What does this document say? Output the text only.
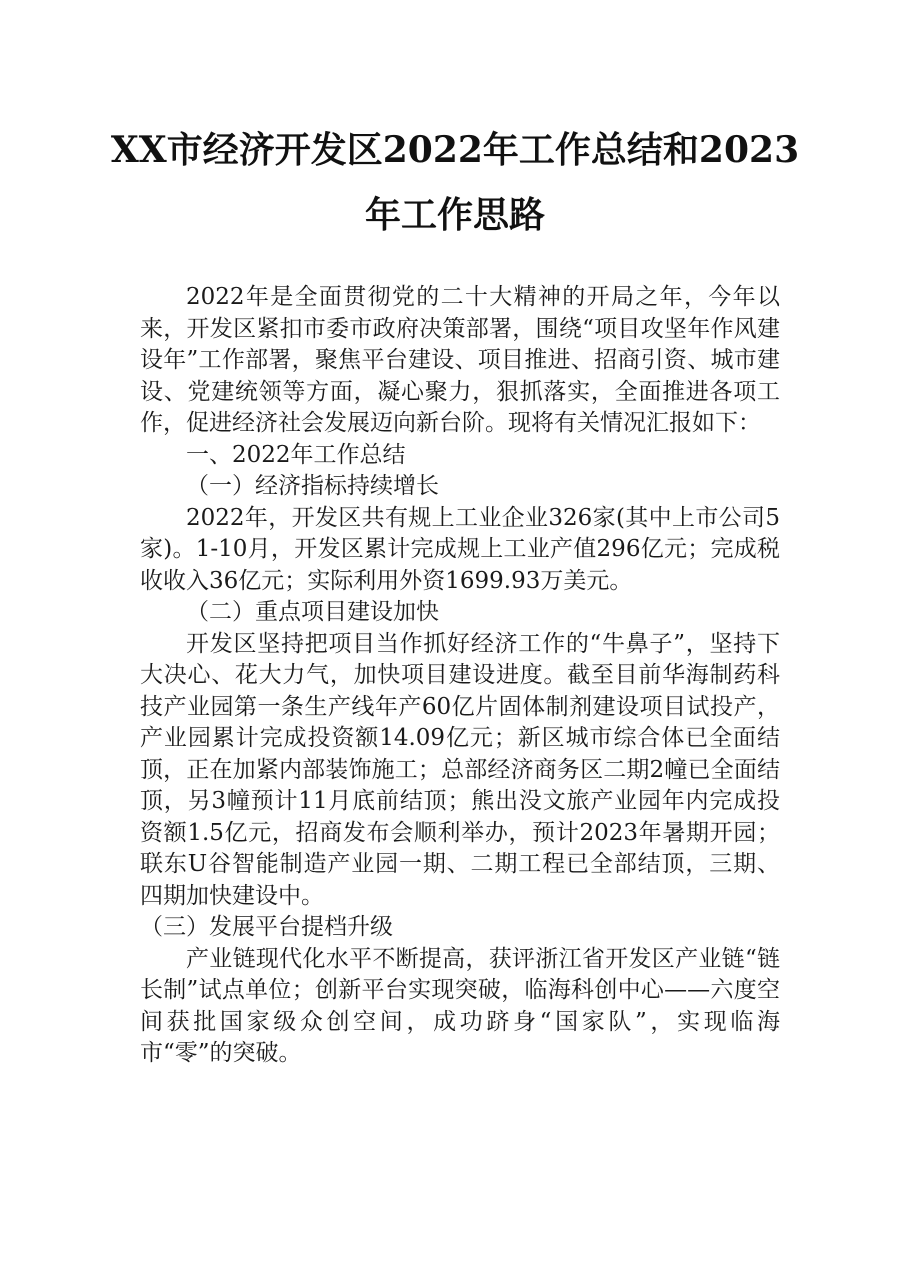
XX市经济开发区2022年工作总结和2023
年工作思路

2022年是全面贯彻党的二十大精神的开局之年，今年以来，开发区紧扣市委市政府决策部署，围绕“项目攻坚年作风建设年”工作部署，聚焦平台建设、项目推进、招商引资、城市建设、党建统领等方面，凝心聚力，狠抓落实，全面推进各项工作，促进经济社会发展迈向新台阶。现将有关情况汇报如下：

一、2022年工作总结

（一）经济指标持续增长

2022年，开发区共有规上工业企业326家(其中上市公司5家)。1-10月，开发区累计完成规上工业产值296亿元；完成税收收入36亿元；实际利用外资1699.93万美元。

（二）重点项目建设加快

开发区坚持把项目当作抓好经济工作的“牛鼻子”，坚持下大决心、花大力气，加快项目建设进度。截至目前华海制药科技产业园第一条生产线年产60亿片固体制剂建设项目试投产，产业园累计完成投资额14.09亿元；新区城市综合体已全面结顶，正在加紧内部装饰施工；总部经济商务区二期2幢已全面结顶，另3幢预计11月底前结顶；熊出没文旅产业园年内完成投资额1.5亿元，招商发布会顺利举办，预计2023年暑期开园；联东U谷智能制造产业园一期、二期工程已全部结顶，三期、四期加快建设中。

（三）发展平台提档升级

产业链现代化水平不断提高，获评浙江省开发区产业链“链长制”试点单位；创新平台实现突破，临海科创中心——六度空间获批国家级众创空间，成功跻身“国家队”，实现临海市“零”的突破。
